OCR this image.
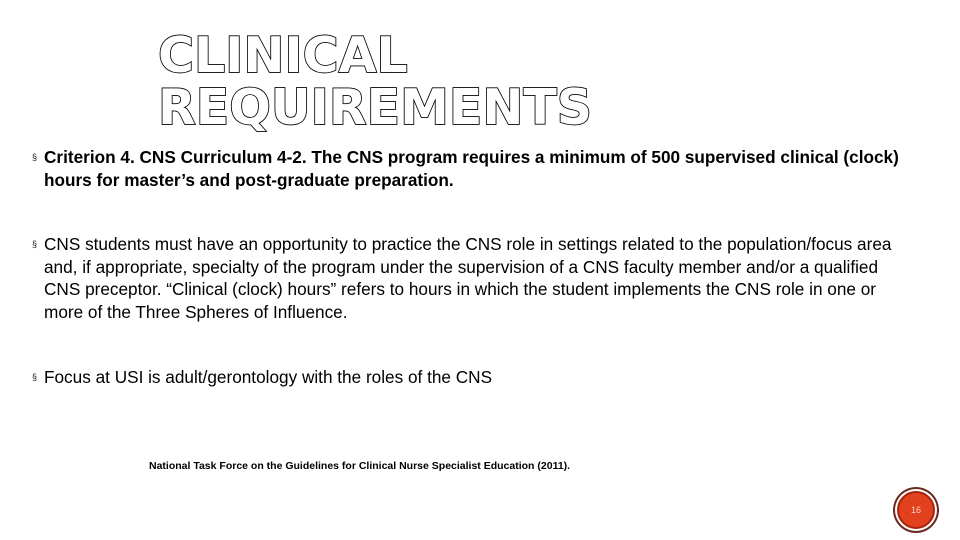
CLINICAL
REQUIREMENTS
§ Criterion 4. CNS Curriculum 4-2. The CNS program requires a minimum of 500 supervised clinical (clock) hours for master’s and post-graduate preparation.
§ CNS students must have an opportunity to practice the CNS role in settings related to the population/focus area and, if appropriate, specialty of the program under the supervision of a CNS faculty member and/or a qualified CNS preceptor. “Clinical (clock) hours” refers to hours in which the student implements the CNS role in one or more of the Three Spheres of Influence.
§ Focus at USI is adult/gerontology with the roles of the CNS
National Task Force on the Guidelines for Clinical Nurse Specialist Education (2011).
16
